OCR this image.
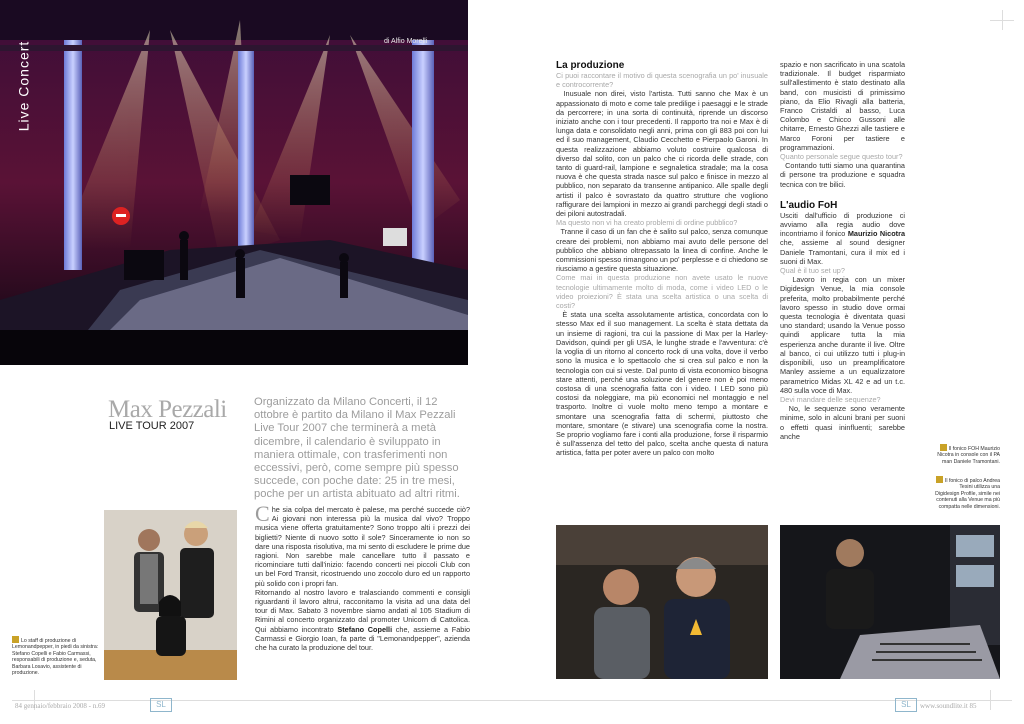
Live Concert	di Alfio Morelli
Max Pezzali
LIVE TOUR 2007
Organizzato da Milano Concerti, il 12 ottobre è partito da Milano il Max Pezzali Live Tour 2007 che terminerà a metà dicembre, il calendario è sviluppato in maniera ottimale, con trasferimenti non eccessivi, però, come sempre più spesso succede, con poche date: 25 in tre mesi, poche per un artista abituato ad altri ritmi.
Che sia colpa del mercato è palese, ma perché succede ciò? Ai giovani non interessa più la musica dal vivo? Troppo musica viene offerta gratuitamente? Sono troppo alti i prezzi dei biglietti? Niente di nuovo sotto il sole? Sinceramente io non so dare una risposta risolutiva, ma mi sento di escludere le prime due ragioni. Non sarebbe male cancellare tutto il passato e ricominciare tutti dall'inizio: facendo concerti nei piccoli Club con un bel Ford Transit, ricostruendo uno zoccolo duro ed un rapporto più solido con i propri fan.
Ritornando al nostro lavoro e tralasciando commenti e consigli riguardanti il lavoro altrui, racconitamo la visita ad una data del tour di Max. Sabato 3 novembre siamo andati al 105 Stadium di Rimini al concerto organizzato dal promoter Unicorn di Cattolica. Qui abbiamo incontrato Stefano Copelli che, assieme a Fabio Carmassi e Giorgio Ioan, fa parte di "Lemonandpepper", azienda che ha curato la produzione del tour.
Lo staff di produzione di Lemonandpepper, in piedi da sinistra: Stefano Copelli e Fabio Carmassi, responsabili di produzione e, seduta, Barbara Losavio, assistente di produzione.
84 gennaio/febbraio 2008 - n.69	SL
La produzione
Ci puoi raccontare il motivo di questa scenografia un po' inusuale e controcorrente?
Inusuale non direi, visto l'artista. Tutti sanno che Max è un appassionato di moto e come tale predilige i paesaggi e le strade da percorrere; in una sorta di continuità, riprende un discorso iniziato anche con i tour precedenti. Il rapporto tra noi e Max è di lunga data e consolidato negli anni, prima con gli 883 poi con lui ed il suo management, Claudio Cecchetto e Pierpaolo Garoni. In questa realizzazione abbiamo voluto costruire qualcosa di diverso dal solito, con un palco che ci ricorda delle strade, con tanto di guard-rail, lampione e segnaletica stradale; ma la cosa nuova è che questa strada nasce sul palco e finisce in mezzo al pubblico, non separato da transenne antipanico. Alle spalle degli artisti il palco è sovrastato da quattro strutture che vogliono raffigurare dei lampioni in mezzo ai grandi parcheggi degli stadi o dei piloni autostradali.
Ma questo non vi ha creato problemi di ordine pubblico?
Tranne il caso di un fan che è salito sul palco, senza comunque creare dei problemi, non abbiamo mai avuto delle persone del pubblico che abbiano oltrepassato la linea di confine. Anche le commissioni spesso rimangono un po' perplesse e ci chiedono se riusciamo a gestire questa situazione.
Come mai in questa produzione non avete usato le nuove tecnologie ultimamente molto di moda, come i video LED o le video proiezioni? È stata una scelta artistica o una scelta di costi?
È stata una scelta assolutamente artistica, concordata con lo stesso Max ed il suo management. La scelta è stata dettata da un insieme di ragioni, tra cui la passione di Max per la Harley-Davidson, quindi per gli USA, le lunghe strade e l'avventura: c'è la voglia di un ritorno al concerto rock di una volta, dove il verbo sono la musica e lo spettacolo che si crea sul palco e non la tecnologia con cui si veste. Dal punto di vista economico bisogna stare attenti, perché una soluzione del genere non è poi meno costosa di una scenografia fatta con i video. I LED sono più costosi da noleggiare, ma più economici nel montaggio e nel trasporto. Inoltre ci vuole molto meno tempo a montare e smontare una scenografia fatta di schermi, piuttosto che montare, smontare (e stivare) una scenografia come la nostra. Se proprio vogliamo fare i conti alla produzione, forse il risparmio è sull'assenza del tetto del palco, scelta anche questa di natura artistica, fatta per poter avere un palco con molto
spazio e non sacrificato in una scatola tradizionale. Il budget risparmiato sull'allestimento è stato destinato alla band, con musicisti di primissimo piano, da Elio Rivagli alla batteria, Franco Cristaldi al basso, Luca Colombo e Chicco Gussoni alle chitarre, Ernesto Ghezzi alle tastiere e Marco Foroni per tastiere e programmazioni.
Quanto personale segue questo tour?
Contando tutti siamo una quarantina di persone tra produzione e squadra tecnica con tre bilici.
L'audio FoH
Usciti dall'ufficio di produzione ci avviamo alla regia audio dove incontriamo il fonico Maurizio Nicotra che, assieme al sound designer Daniele Tramontani, cura il mix ed i suoni di Max.
Qual è il tuo set up?
Lavoro in regia con un mixer Digidesign Venue, la mia console preferita, molto probabilmente perché lavoro spesso in studio dove ormai questa tecnologia è diventata quasi uno standard; usando la Venue posso quindi applicare tutta la mia esperienza anche durante il live. Oltre al banco, ci cui utilizzo tutti i plug-in disponibili, uso un preamplificatore Manley assieme a un equalizzatore parametrico Midas XL 42 e ad un t.c. 480 sulla voce di Max.
Devi mandare delle sequenze?
No, le sequenze sono veramente minime, solo in alcuni brani per suoni o effetti quasi ininfluenti; sarebbe anche
Il fonico FOH Maurizio Nicotra in console con il PA man Daniele Tramontani.
Il fonico di palco Andrea Tesini utilizza una Digidesign Profile, simile nei contenuti alla Venue ma più compatta nelle dimensioni.
SL	www.soundlite.it 85
